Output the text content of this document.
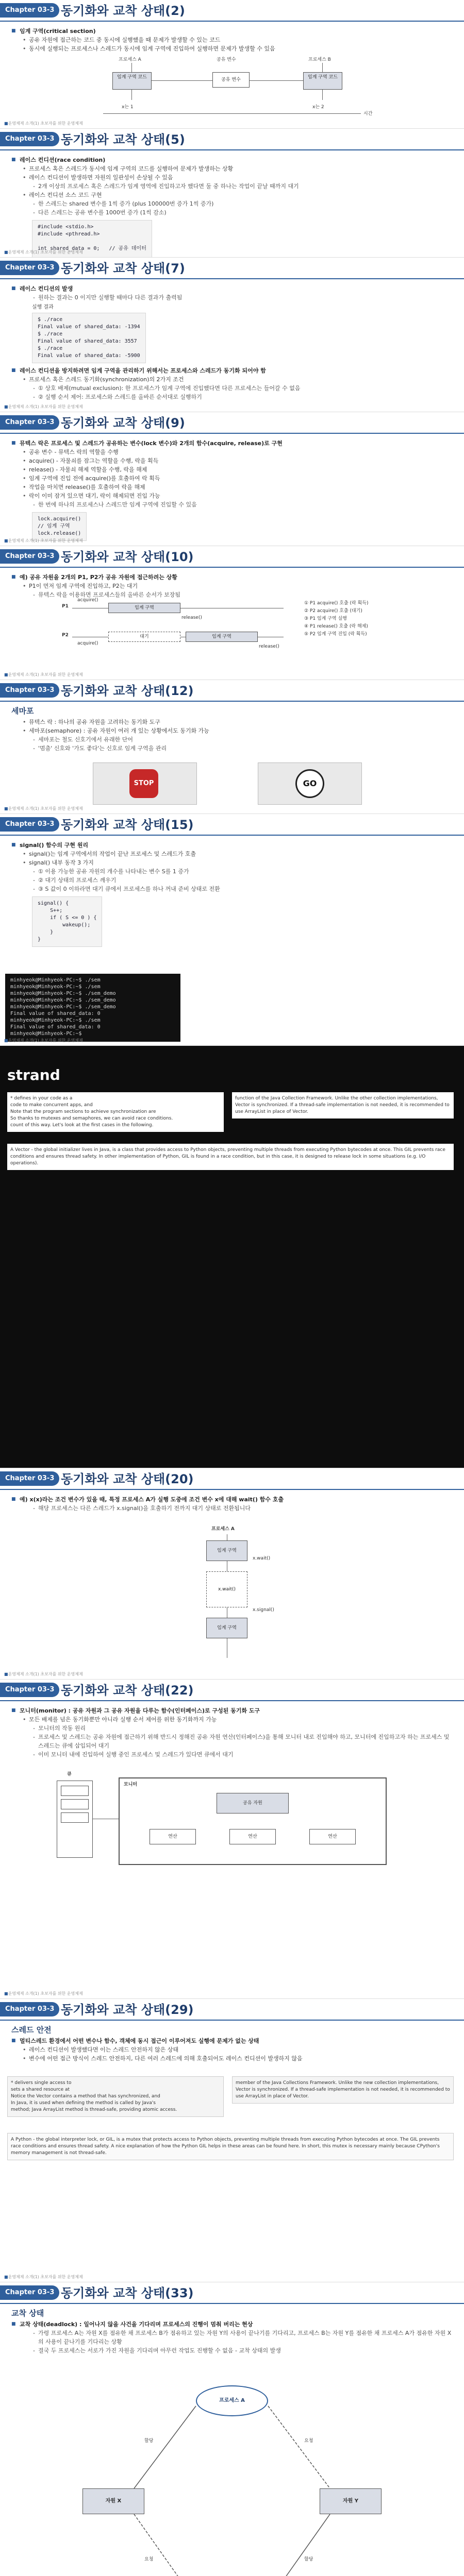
Chapter 03-3 동기화와 교착 상태(2)
■ 임계 구역(critical section)
• 공유 자원에 접근하는 코드 중 동시에 실행했을 때 문제가 발생할 수 있는 코드
• 동시에 실행되는 프로세스나 스레드가 동시에 임계 구역에 진입하여 실행하면 문제가 발생할 수 있음
프로세스 A
임계 구역 코드
공유 변수
공유 변수
프로세스 B
임계 구역 코드
x는 1	x는 2
시간
■ 운영체제 소개(1) 초보자를 위한 운영체제
Chapter 03-3 동기화와 교착 상태(5)
■ 레이스 컨디션(race condition)
• 프로세스 혹은 스레드가 동시에 임계 구역의 코드를 실행하여 문제가 발생하는 상황
• 레이스 컨디션이 발생하면 자원의 일관성이 손상될 수 있음
- 2개 이상의 프로세스 혹은 스레드가 임계 영역에 진입하고자 했다면 둘 중 하나는 작업이 끝날 때까지 대기
• 레이스 컨디션 소스 코드 구현
- 한 스레드는 shared 변수를 1씩 증가 (plus 100000번 증가 1씩 증가)
- 다른 스레드는 공유 변수를 1000번 증가 (1씩 감소)
#include <stdio.h>
#include <pthread.h>

int shared_data = 0;   // 공유 데이터

■ 운영체제 소개(1) 초보자를 위한 운영체제
Chapter 03-3 동기화와 교착 상태(7)
■ 레이스 컨디션의 발생
- 원하는 결과는 0 이지만 실행할 때마다 다른 결과가 출력됨
실행 결과
$ ./race
Final value of shared_data: -1394
$ ./race
Final value of shared_data: 3557
$ ./race
Final value of shared_data: -5900
■ 레이스 컨디션을 방지하려면 임계 구역을 관리하기 위해서는 프로세스와 스레드가 동기화 되어야 함
• 프로세스 혹은 스레드 동기화(synchronization)의 2가지 조건
- ① 상호 배제(mutual exclusion): 한 프로세스가 임계 구역에 진입했다면 다른 프로세스는 들어갈 수 없음
- ② 실행 순서 제어: 프로세스와 스레드를 올바른 순서대로 실행하기
■ 운영체제 소개(1) 초보자를 위한 운영체제
Chapter 03-3 동기화와 교착 상태(9)
■ 뮤텍스 락은 프로세스 및 스레드가 공유하는 변수(lock 변수)와 2개의 함수(acquire, release)로 구현
• 공유 변수 - 뮤텍스 락의 역할을 수행
• acquire() - 자물쇠를 잠그는 역할을 수행, 락을 획득
• release() - 자물쇠 해제 역할을 수행, 락을 해제
• 임계 구역에 진입 전에 acquire()를 호출하여 락 획득
• 작업을 마치면 release()를 호출하여 락을 해제
• 락이 이미 잠겨 있으면 대기, 락이 해제되면 진입 가능
- 한 번에 하나의 프로세스나 스레드만 임계 구역에 진입할 수 있음
lock.acquire()
// 임계 구역
lock.release()
■ 운영체제 소개(1) 초보자를 위한 운영체제
Chapter 03-3 동기화와 교착 상태(10)
■ 예) 공유 자원을 2개의 P1, P2가 공유 자원에 접근하려는 상황
• P1이 먼저 임계 구역에 진입하고, P2는 대기
- 뮤텍스 락을 이용하면 프로세스들의 올바른 순서가 보장됨
P1
P2
acquire()
임계 구역
release()
acquire()
대기	임계 구역
release()
① P1 acquire() 호출 (락 획득)
② P2 acquire() 호출 (대기)
③ P1 임계 구역 실행
④ P1 release() 호출 (락 해제)
⑤ P2 임계 구역 진입 (락 획득)
■ 운영체제 소개(1) 초보자를 위한 운영체제
Chapter 03-3 동기화와 교착 상태(12)
세마포
• 뮤텍스 락 : 하나의 공유 자원을 고려하는 동기화 도구
• 세마포(semaphore) : 공유 자원이 여러 개 있는 상황에서도 동기화 가능
- 세마포는 철도 신호기에서 유래한 단어
- '멈춤' 신호와 '가도 좋다'는 신호로 임계 구역을 관리
STOP	GO
■ 운영체제 소개(1) 초보자를 위한 운영체제
Chapter 03-3 동기화와 교착 상태(15)
■ signal() 함수의 구현 원리
• signal()는 임계 구역에서의 작업이 끝난 프로세스 및 스레드가 호출
• signal() 내부 동작 3 가지
- ① 이용 가능한 공유 자원의 개수를 나타내는 변수 S를 1 증가
- ② 대기 상태의 프로세스 깨우기
- ③ S 값이 0 이하라면 대기 큐에서 프로세스를 하나 꺼내 준비 상태로 전환
signal() {
S++;
if ( S <= 0 ) {
wakeup();
}
}
minhyeok@Minhyeok-PC:~$ ./sem
minhyeok@Minhyeok-PC:~$ ./sem
minhyeok@Minhyeok-PC:~$ ./sem_demo
minhyeok@Minhyeok-PC:~$ ./sem_demo
minhyeok@Minhyeok-PC:~$ ./sem_demo
Final value of shared_data: 0
minhyeok@Minhyeok-PC:~$ ./sem
Final value of shared_data: 0
minhyeok@Minhyeok-PC:~$
■ 운영체제 소개(1) 초보자를 위한 운영체제
strand
* defines in your code as a
code to make concurrent apps, and
Note that the program sections to achieve synchronization are
So thanks to mutexes and semaphores, we can avoid race conditions.
count of this way. Let's look at the first cases in the following.
function of the Java Collection Framework. Unlike the other collection implementations, Vector is synchronized. If a thread-safe implementation is not needed, it is recommended to use ArrayList in place of Vector.
A Vector - the global initializer lives in Java, is a class that provides access to Python objects, preventing multiple threads from executing Python bytecodes at once. This GIL prevents race conditions and ensures thread safety. In other implementation of Python, GIL is found in a race condition, but in this case, it is designed to release lock in some situations (e.g. I/O operations).
Chapter 03-3 동기화와 교착 상태(20)
■ 예) x(x)라는 조건 변수가 있을 때, 특정 프로세스 A가 실행 도중에 조건 변수 x에 대해 wait() 함수 호출
- 해당 프로세스는 다른 스레드가 x.signal()을 호출하기 전까지 대기 상태로 전환됩니다
프로세스 A
임계 구역
x.wait()
x.wait()
x.signal()
임계 구역
■ 운영체제 소개(1) 초보자를 위한 운영체제
Chapter 03-3 동기화와 교착 상태(22)
■ 모니터(monitor) : 공유 자원과 그 공유 자원을 다루는 함수(인터페이스)로 구성된 동기화 도구
• 모든 배제를 넘은 동기화뿐만 아니라 실행 순서 제어를 위한 동기화까지 가능
- 모니터의 작동 원리
- 프로세스 및 스레드는 공유 자원에 접근하기 위해 반드시 정해진 공유 자원 연산(인터페이스)을 통해 모니터 내로 진입해야 하고, 모니터에 진입하고자 하는 프로세스 및 스레드는 큐에 삽입되어 대기
- 이미 모니터 내에 진입하여 실행 중인 프로세스 및 스레드가 있다면 큐에서 대기
큐
모니터
공유 자원
연산	연산	연산
■ 운영체제 소개(1) 초보자를 위한 운영체제
Chapter 03-3 동기화와 교착 상태(29)
스레드 안전
■ 멀티스레드 환경에서 어떤 변수나 함수, 객체에 동시 접근이 이루어져도 실행에 문제가 없는 상태
• 레이스 컨디션이 발생했다면 이는 스레드 안전하지 않은 상태
• 변수에 어떤 접근 방식이 스레드 안전하지, 다른 여러 스레드에 의해 호출되어도 레이스 컨디션이 발생하지 않음
* delivers single access to
sets a shared resource at
Notice the Vector contains a method that has synchronized, and
In Java, it is used when defining the method is called by Java's
method; Java ArrayList method is thread-safe, providing atomic access.
member of the Java Collections Framework. Unlike the new collection implementations, Vector is synchronized. If a thread-safe implementation is not needed, it is recommended to use ArrayList in place of Vector.
A Python - the global interpreter lock, or GIL, is a mutex that protects access to Python objects, preventing multiple threads from executing Python bytecodes at once. The GIL prevents race conditions and ensures thread safety. A nice explanation of how the Python GIL helps in these areas can be found here. In short, this mutex is necessary mainly because CPython's memory management is not thread-safe.
■ 운영체제 소개(1) 초보자를 위한 운영체제
Chapter 03-3 동기화와 교착 상태(33)
교착 상태
■ 교착 상태(deadlock) : 일어나지 않을 사건을 기다리며 프로세스의 진행이 멈춰 버리는 현상
- 가령 프로세스 A는 자원 X를 점유한 채 프로세스 B가 점유하고 있는 자원 Y의 사용이 끝나기를 기다리고, 프로세스 B는 자원 Y를 점유한 채 프로세스 A가 점유한 자원 X의 사용이 끝나기를 기다리는 상황
- 결국 두 프로세스는 서로가 가진 자원을 기다리며 아무런 작업도 진행할 수 없음 - 교착 상태의 발생
프로세스 A
자원 X	자원 Y
할당	요청
할당
요청
